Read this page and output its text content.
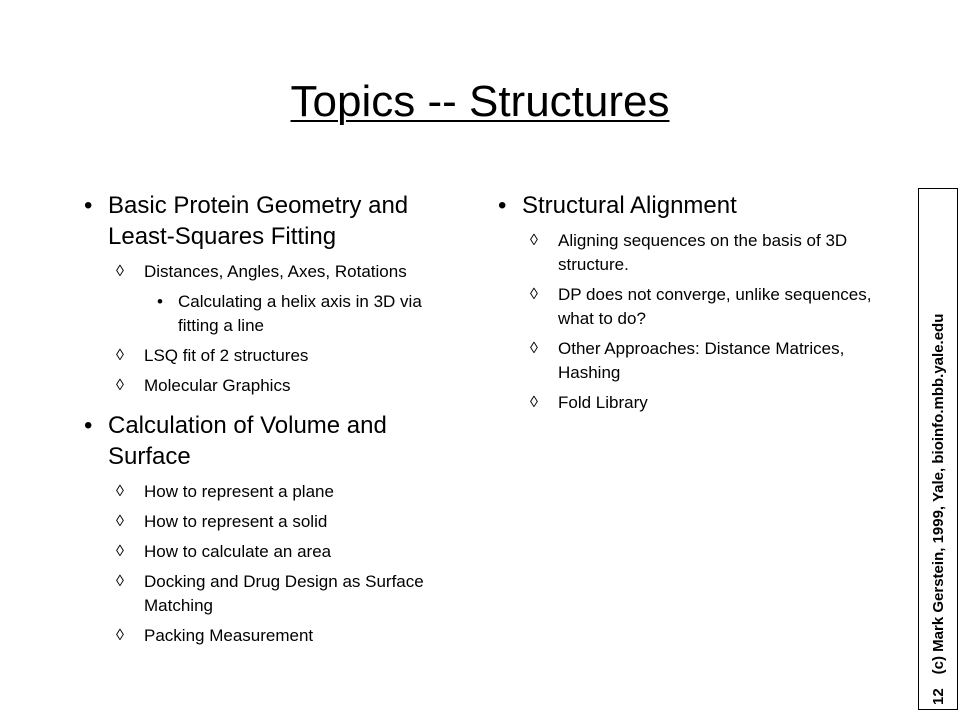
Topics -- Structures
• Basic Protein Geometry and Least-Squares Fitting
◊ Distances, Angles, Axes, Rotations
• Calculating a helix axis in 3D via fitting a line
◊ LSQ fit of 2 structures
◊ Molecular Graphics
• Calculation of Volume and Surface
◊ How to represent a plane
◊ How to represent a solid
◊ How to calculate an area
◊ Docking and Drug Design as Surface Matching
◊ Packing Measurement
• Structural Alignment
◊ Aligning sequences on the basis of 3D structure.
◊ DP does not converge, unlike sequences, what to do?
◊ Other Approaches: Distance Matrices, Hashing
◊ Fold Library
12
(c) Mark Gerstein, 1999, Yale, bioinfo.mbb.yale.edu
